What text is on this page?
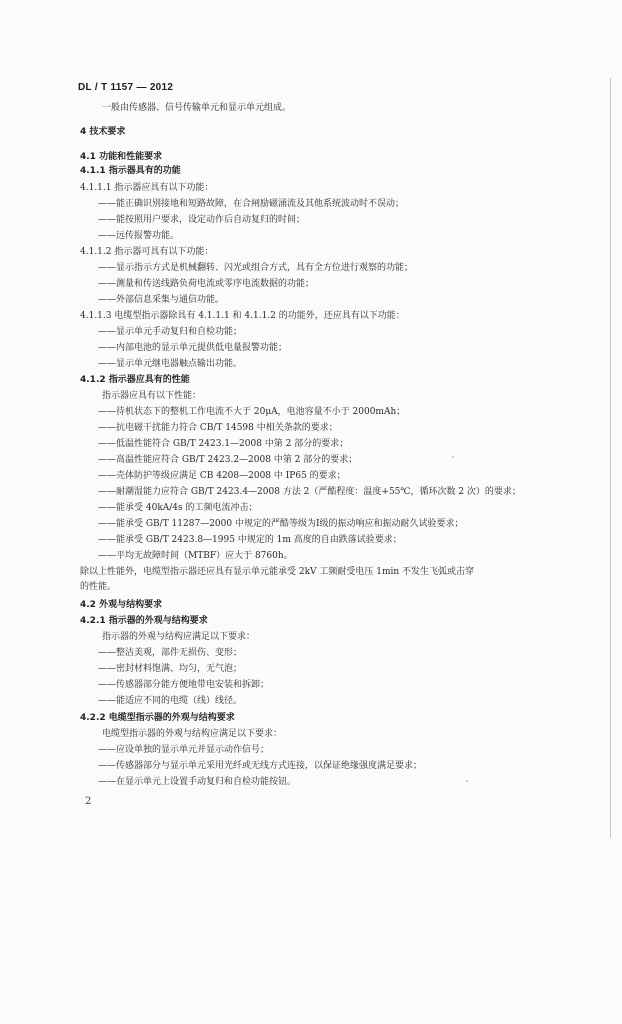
DL / T 1157 — 2012
一般由传感器、信号传输单元和显示单元组成。
4 技术要求
4.1 功能和性能要求
4.1.1 指示器具有的功能
4.1.1.1 指示器应具有以下功能：
——能正确识别接地和短路故障，在合闸励磁涌流及其他系统波动时不误动；
——能按照用户要求，设定动作后自动复归的时间；
——远传报警功能。
4.1.1.2 指示器可具有以下功能：
——显示指示方式是机械翻转、闪光或组合方式，具有全方位进行观察的功能；
——测量和传送线路负荷电流或零序电流数据的功能；
——外部信息采集与通信功能。
4.1.1.3 电缆型指示器除具有 4.1.1.1 和 4.1.1.2 的功能外，还应具有以下功能：
——显示单元手动复归和自检功能；
——内部电池的显示单元提供低电量报警功能；
——显示单元继电器触点输出功能。
4.1.2 指示器应具有的性能
指示器应具有以下性能：
——待机状态下的整机工作电流不大于 20μA，电池容量不小于 2000mAh；
——抗电磁干扰能力符合 CB/T 14598 中相关条款的要求；
——低温性能符合 GB/T 2423.1—2008 中第 2 部分的要求；
——高温性能应符合 GB/T 2423.2—2008 中第 2 部分的要求；
——壳体防护等级应满足 CB 4208—2008 中 IP65 的要求；
——耐潮湿能力应符合 GB/T 2423.4—2008 方法 2（严酷程度：温度+55℃，循环次数 2 次）的要求；
——能承受 40kA/4s 的工频电流冲击；
——能承受 GB/T 11287—2000 中规定的严酷等级为Ⅰ级的振动响应和振动耐久试验要求；
——能承受 GB/T 2423.8—1995 中规定的 1m 高度的自由跌落试验要求；
——平均无故障时间（MTBF）应大于 8760h。
除以上性能外，电缆型指示器还应具有显示单元能承受 2kV 工频耐受电压 1min 不发生飞弧或击穿
的性能。
4.2 外观与结构要求
4.2.1 指示器的外观与结构要求
指示器的外观与结构应满足以下要求：
——整洁美观，部件无损伤、变形；
——密封材料饱满、均匀，无气泡；
——传感器部分能方便地带电安装和拆卸；
——能适应不同的电缆（线）线径。
4.2.2 电缆型指示器的外观与结构要求
电缆型指示器的外观与结构应满足以下要求：
——应设单独的显示单元并显示动作信号；
——传感器部分与显示单元采用光纤或无线方式连接，以保证绝缘强度满足要求；
——在显示单元上设置手动复归和自检功能按钮。
2
